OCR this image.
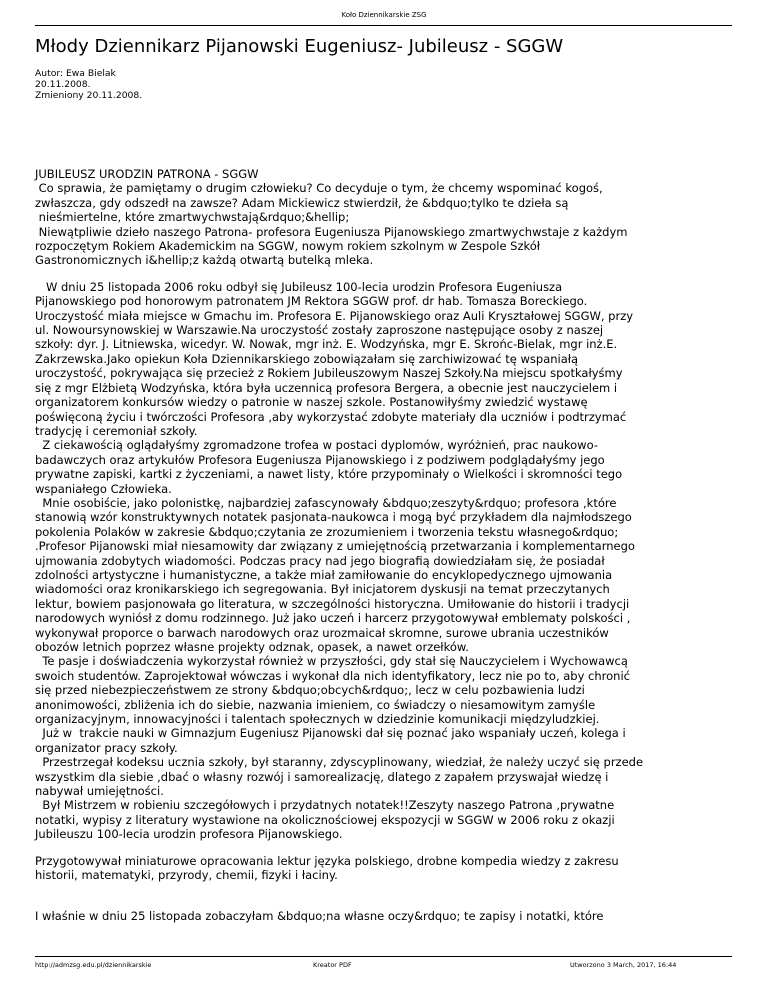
Koło Dziennikarskie ZSG
Młody Dziennikarz Pijanowski Eugeniusz- Jubileusz - SGGW
Autor: Ewa Bielak
20.11.2008.
Zmieniony 20.11.2008.
JUBILEUSZ URODZIN PATRONA - SGGW
Co sprawia, że pamiętamy o drugim człowieku? Co decyduje o tym, że chcemy wspominać kogoś,
zwłaszcza, gdy odszedł na zawsze? Adam Mickiewicz stwierdził, że &bdquo;tylko te dzieła są
nieśmiertelne, które zmartwychwstają&rdquo;&hellip;
Niewątpliwie dzieło naszego Patrona- profesora Eugeniusza Pijanowskiego zmartwychwstaje z każdym
rozpoczętym Rokiem Akademickim na SGGW, nowym rokiem szkolnym w Zespole Szkół
Gastronomicznych i&hellip;z każdą otwartą butelką mleka.
W dniu 25 listopada 2006 roku odbył się Jubileusz 100-lecia urodzin Profesora Eugeniusza
Pijanowskiego pod honorowym patronatem JM Rektora SGGW prof. dr hab. Tomasza Boreckiego.
Uroczystość miała miejsce w Gmachu im. Profesora E. Pijanowskiego oraz Auli Kryształowej SGGW, przy
ul. Nowoursynowskiej w Warszawie.Na uroczystość zostały zaproszone następujące osoby z naszej
szkoły: dyr. J. Litniewska, wicedyr. W. Nowak, mgr inż. E. Wodzyńska, mgr E. Skrońc-Bielak, mgr inż.E.
Zakrzewska.Jako opiekun Koła Dziennikarskiego zobowiązałam się zarchiwizować tę wspaniałą
uroczystość, pokrywająca się przecież z Rokiem Jubileuszowym Naszej Szkoły.Na miejscu spotkałyśmy
się z mgr Elżbietą Wodzyńska, która była uczennicą profesora Bergera, a obecnie jest nauczycielem i
organizatorem konkursów wiedzy o patronie w naszej szkole. Postanowiłyśmy zwiedzić wystawę
poświęconą życiu i twórczości Profesora ,aby wykorzystać zdobyte materiały dla uczniów i podtrzymać
tradycję i ceremoniał szkoły.
Z ciekawością oglądałyśmy zgromadzone trofea w postaci dyplomów, wyróżnień, prac naukowo-
badawczych oraz artykułów Profesora Eugeniusza Pijanowskiego i z podziwem podglądałyśmy jego
prywatne zapiski, kartki z życzeniami, a nawet listy, które przypominały o Wielkości i skromności tego
wspaniałego Człowieka.
Mnie osobiście, jako polonistkę, najbardziej zafascynowały &bdquo;zeszyty&rdquo; profesora ,które
stanowią wzór konstruktywnych notatek pasjonata-naukowca i mogą być przykładem dla najmłodszego
pokolenia Polaków w zakresie &bdquo;czytania ze zrozumieniem i tworzenia tekstu własnego&rdquo;
.Profesor Pijanowski miał niesamowity dar związany z umiejętnością przetwarzania i komplementarnego
ujmowania zdobytych wiadomości. Podczas pracy nad jego biografią dowiedziałam się, że posiadał
zdolności artystyczne i humanistyczne, a także miał zamiłowanie do encyklopedycznego ujmowania
wiadomości oraz kronikarskiego ich segregowania. Był inicjatorem dyskusji na temat przeczytanych
lektur, bowiem pasjonowała go literatura, w szczególności historyczna. Umiłowanie do historii i tradycji
narodowych wyniósł z domu rodzinnego. Już jako uczeń i harcerz przygotowywał emblematy polskości ,
wykonywał proporce o barwach narodowych oraz urozmaicał skromne, surowe ubrania uczestników
obozów letnich poprzez własne projekty odznak, opasek, a nawet orzełków.
Te pasje i doświadczenia wykorzystał również w przyszłości, gdy stał się Nauczycielem i Wychowawcą
swoich studentów. Zaprojektował wówczas i wykonał dla nich identyfikatory, lecz nie po to, aby chronić
się przed niebezpieczeństwem ze strony &bdquo;obcych&rdquo;, lecz w celu pozbawienia ludzi
anonimowości, zbliżenia ich do siebie, nazwania imieniem, co świadczy o niesamowitym zamyśle
organizacyjnym, innowacyjności i talentach społecznych w dziedzinie komunikacji międzyludzkiej.
Już w  trakcie nauki w Gimnazjum Eugeniusz Pijanowski dał się poznać jako wspaniały uczeń, kolega i
organizator pracy szkoły.
Przestrzegał kodeksu ucznia szkoły, był staranny, zdyscyplinowany, wiedział, że należy uczyć się przede
wszystkim dla siebie ,dbać o własny rozwój i samorealizację, dlatego z zapałem przyswajał wiedzę i
nabywał umiejętności.
Był Mistrzem w robieniu szczegółowych i przydatnych notatek!!Zeszyty naszego Patrona ,prywatne
notatki, wypisy z literatury wystawione na okolicznościowej ekspozycji w SGGW w 2006 roku z okazji
Jubileuszu 100-lecia urodzin profesora Pijanowskiego.
Przygotowywał miniaturowe opracowania lektur języka polskiego, drobne kompedia wiedzy z zakresu
historii, matematyki, przyrody, chemii, fizyki i łaciny.
I właśnie w dniu 25 listopada zobaczyłam &bdquo;na własne oczy&rdquo; te zapisy i notatki, które
http://admzsg.edu.pl/dziennikarskie	Kreator PDF	Utworzono 3 March, 2017, 16:44
